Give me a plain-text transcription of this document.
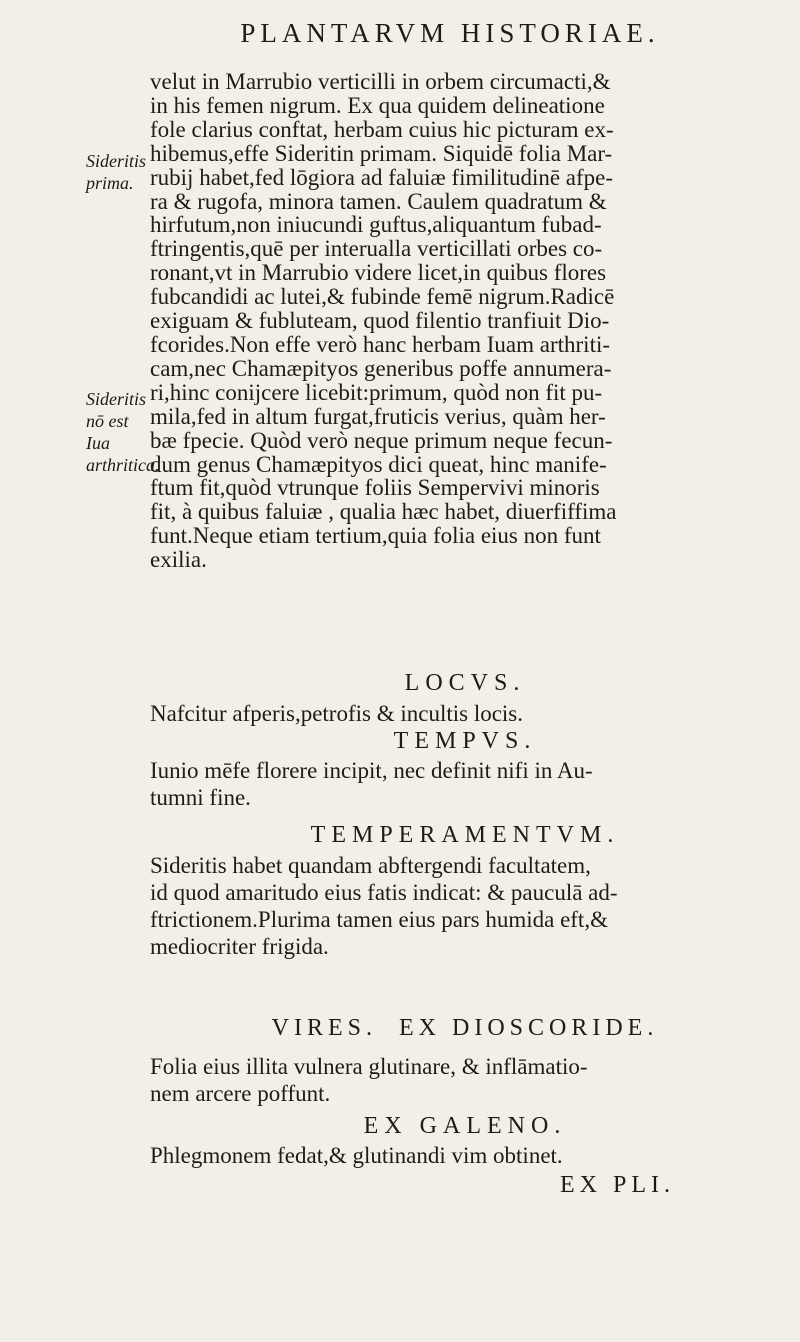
PLANTARVM HISTORIAE.
Sideritis
prima.
Sideritis
nō est Iua
arthritica.
velut in Marrubio verticilli in orbem circumacti,&
in his femen nigrum. Ex qua quidem delineatione
fole clarius conftat, herbam cuius hic picturam ex-
hibemus,effe Sideritin primam. Siquidē folia Mar-
rubij habet,fed lōgiora ad faluiæ fimilitudinē afpe-
ra & rugofa, minora tamen. Caulem quadratum &
hirfutum,non iniucundi guftus,aliquantum fubad-
ftringentis,quē per interualla verticillati orbes co-
ronant,vt in Marrubio videre licet,in quibus flores
fubcandidi ac lutei,& fubinde femē nigrum.Radicē
exiguam & fubluteam, quod filentio tranfiuit Dio-
fcorides.Non effe verò hanc herbam Iuam arthriti-
cam,nec Chamæpityos generibus poffe annumera-
ri,hinc conijcere licebit:primum, quòd non fit pu-
mila,fed in altum furgat,fruticis verius, quàm her-
bæ fpecie. Quòd verò neque primum neque fecun-
dum genus Chamæpityos dici queat, hinc manife-
ftum fit,quòd vtrunque foliis Sempervivi minoris
fit, à quibus faluiæ , qualia hæc habet, diuerfiffima
funt.Neque etiam tertium,quia folia eius non funt
exilia.
LOCVS.
Nafcitur afperis,petrofis & incultis locis.
TEMPVS.
Iunio mēfe florere incipit, nec definit nifi in Au-
tumni fine.
TEMPERAMENTVM.
Sideritis habet quandam abftergendi facultatem,
id quod amaritudo eius fatis indicat: & pauculā ad-
ftrictionem.Plurima tamen eius pars humida eft,&
mediocriter frigida.
VIRES.  EX DIOSCORIDE.
Folia eius illita vulnera glutinare, & inflāmatio-
nem arcere poffunt.
EX GALENO.
Phlegmonem fedat,& glutinandi vim obtinet.
EX PLI.
